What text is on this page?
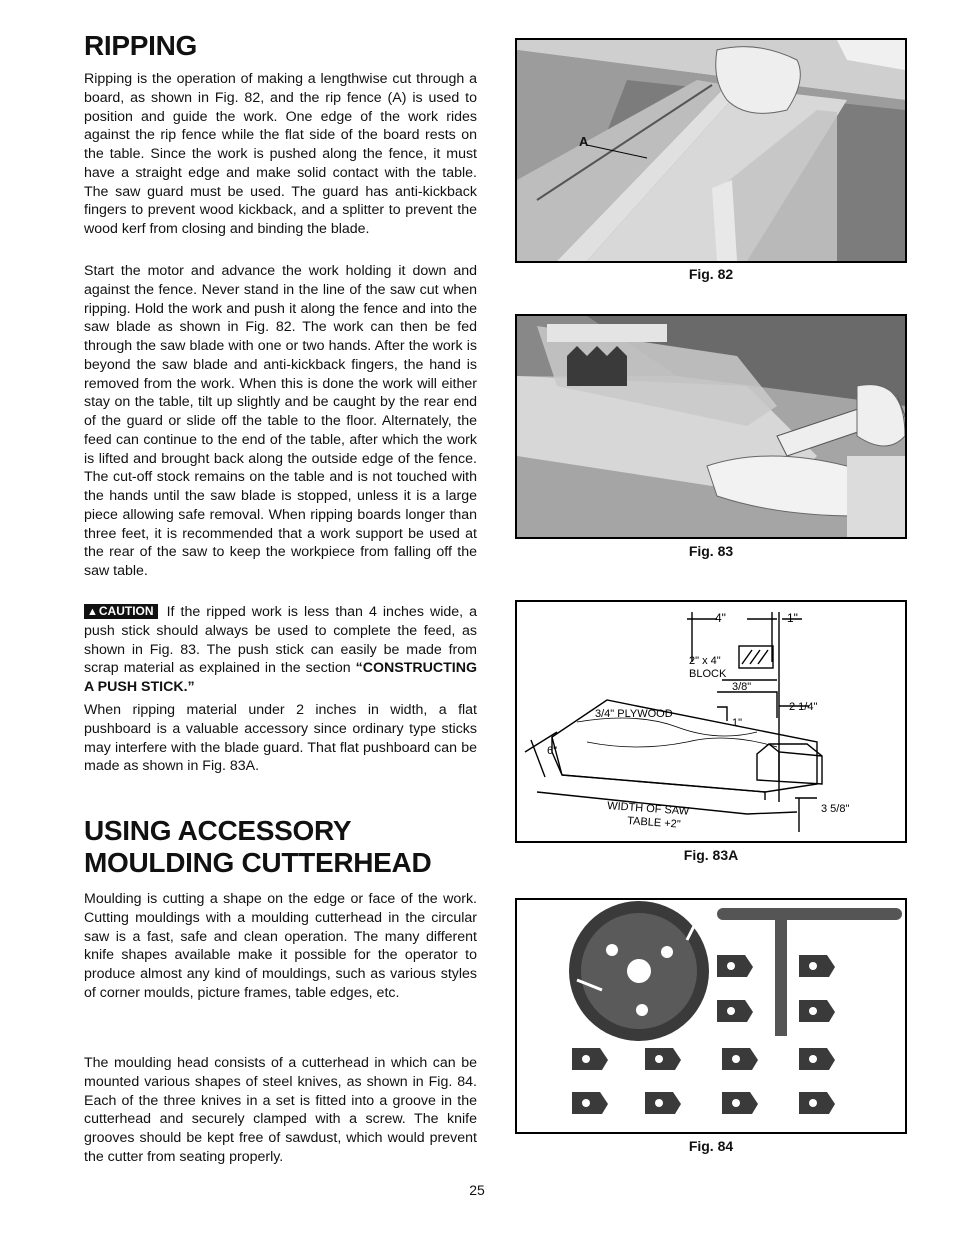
RIPPING

Ripping is the operation of making a lengthwise cut through a board, as shown in Fig. 82, and the rip fence (A) is used to position and guide the work. One edge of the work rides against the rip fence while the flat side of the board rests on the table. Since the work is pushed along the fence, it must have a straight edge and make solid contact with the table. The saw guard must be used. The guard has anti-kickback fingers to prevent wood kickback, and a splitter to prevent the wood kerf from closing and binding the blade.

Start the motor and advance the work holding it down and against the fence. Never stand in the line of the saw cut when ripping. Hold the work and push it along the fence and into the saw blade as shown in Fig. 82. The work can then be fed through the saw blade with one or two hands. After the work is beyond the saw blade and anti-kickback fingers, the hand is removed from the work. When this is done the work will either stay on the table, tilt up slightly and be caught by the rear end of the guard or slide off the table to the floor. Alternately, the feed can continue to the end of the table, after which the work is lifted and brought back along the outside edge of the fence. The cut-off stock remains on the table and is not touched with the hands until the saw blade is stopped, unless it is a large piece allowing safe removal. When ripping boards longer than three feet, it is recommended that a work support be used at the rear of the saw to keep the workpiece from falling off the saw table.

▲CAUTION If the ripped work is less than 4 inches wide, a push stick should always be used to complete the feed, as shown in Fig. 83. The push stick can easily be made from scrap material as explained in the section “CONSTRUCTING A PUSH STICK.”

When ripping material under 2 inches in width, a flat pushboard is a valuable accessory since ordinary type sticks may interfere with the blade guard. That flat pushboard can be made as shown in Fig. 83A.

USING ACCESSORY MOULDING CUTTERHEAD

Moulding is cutting a shape on the edge or face of the work. Cutting mouldings with a moulding cutterhead in the circular saw is a fast, safe and clean operation. The many different knife shapes available make it possible for the operator to produce almost any kind of mouldings, such as various styles of corner moulds, picture frames, table edges, etc.

The moulding head consists of a cutterhead in which can be mounted various shapes of steel knives, as shown in Fig. 84. Each of the three knives in a set is fitted into a groove in the cutterhead and securely clamped with a screw. The knife grooves should be kept free of sawdust, which would prevent the cutter from seating properly.

A
Fig. 82
Fig. 83
4"	1"
2" x 4"
BLOCK
3/8"
2 1/4"
1"
3/4" PLYWOOD
6"
WIDTH OF SAW
TABLE +2"
3 5/8"
Fig. 83A
Fig. 84
25
